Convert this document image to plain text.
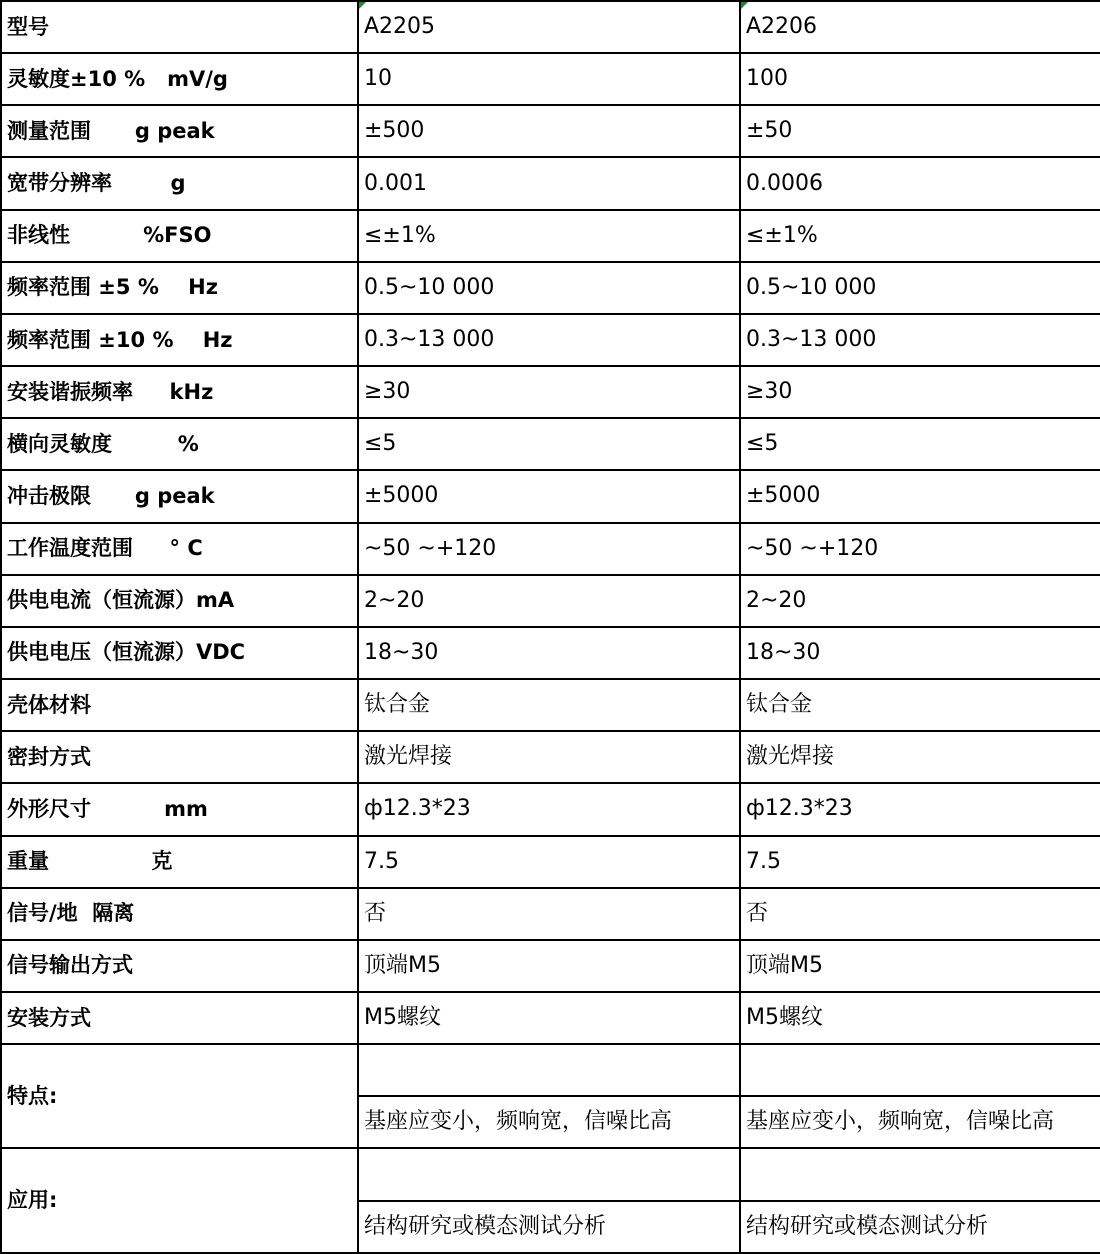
型号	A2205	A2206
灵敏度±10 %   mV/g	10	100
测量范围      g peak	±500	±50
宽带分辨率        g	0.001	0.0006
非线性          %FSO	≤±1%	≤±1%
频率范围 ±5 %    Hz	0.5~10 000	0.5~10 000
频率范围 ±10 %    Hz	0.3~13 000	0.3~13 000
安装谐振频率     kHz	≥30	≥30
横向灵敏度         %	≤5	≤5
冲击极限      g peak	±5000	±5000
工作温度范围     ° C	~50 ~+120	~50 ~+120
供电电流（恒流源）mA	2~20	2~20
供电电压（恒流源）VDC	18~30	18~30
壳体材料	钛合金	钛合金
密封方式	激光焊接	激光焊接
外形尺寸          mm	ф12.3*23	ф12.3*23
重量              克	7.5	7.5
信号/地  隔离	否	否
信号输出方式	顶端M5	顶端M5
安装方式	M5螺纹	M5螺纹
特点:		
	基座应变小，频响宽，信噪比高	基座应变小，频响宽，信噪比高
应用:		
	结构研究或模态测试分析	结构研究或模态测试分析
